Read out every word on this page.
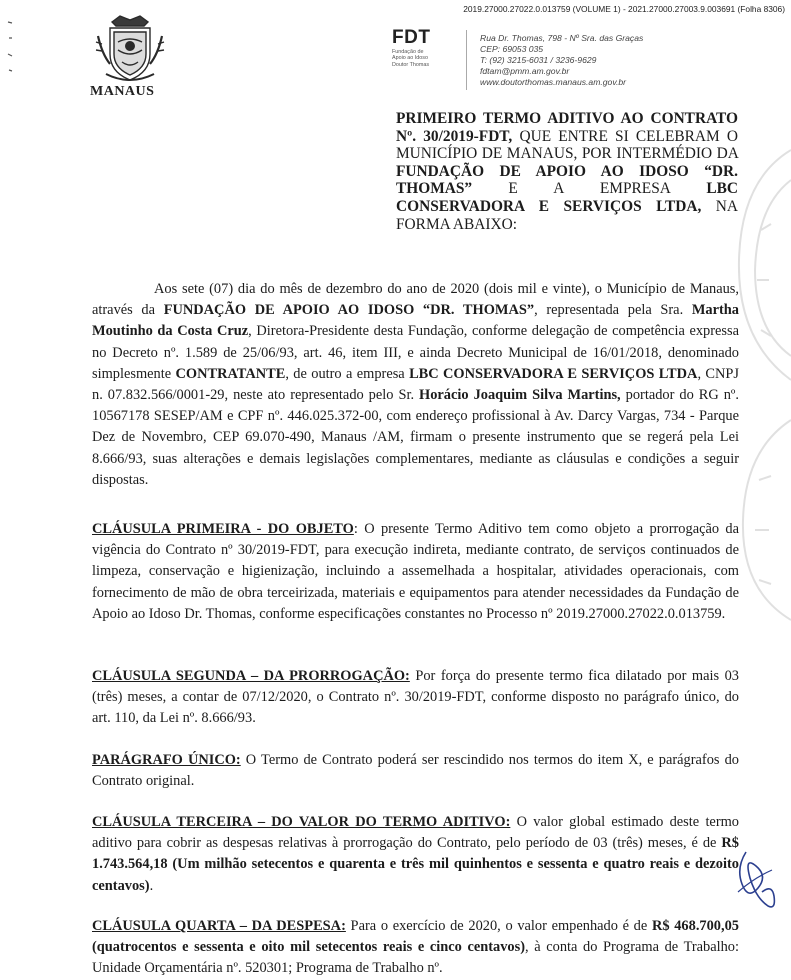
2019.27000.27022.0.013759 (VOLUME 1) - 2021.27000.27003.9.003691 (Folha 8306)
MANAUS
FDT
Fundação de
Apoio ao Idoso
Doutor Thomas
Rua Dr. Thomas, 798 - Nº Sra. das Graças
CEP: 69053 035
T: (92) 3215-6031 / 3236-9629
fdtam@pmm.am.gov.br
www.doutorthomas.manaus.am.gov.br
PRIMEIRO TERMO ADITIVO AO CONTRATO Nº. 30/2019-FDT, QUE ENTRE SI CELEBRAM O MUNICÍPIO DE MANAUS, POR INTERMÉDIO DA FUNDAÇÃO DE APOIO AO IDOSO “DR. THOMAS” E A EMPRESA LBC CONSERVADORA E SERVIÇOS LTDA, NA FORMA ABAIXO:

Aos sete (07) dia do mês de dezembro do ano de 2020 (dois mil e vinte), o Município de Manaus, através da FUNDAÇÃO DE APOIO AO IDOSO “DR. THOMAS”, representada pela Sra. Martha Moutinho da Costa Cruz, Diretora-Presidente desta Fundação, conforme delegação de competência expressa no Decreto nº. 1.589 de 25/06/93, art. 46, item III, e ainda Decreto Municipal de 16/01/2018, denominado simplesmente CONTRATANTE, de outro a empresa LBC CONSERVADORA E SERVIÇOS LTDA, CNPJ n. 07.832.566/0001-29, neste ato representado pelo Sr. Horácio Joaquim Silva Martins, portador do RG nº. 10567178 SESEP/AM e CPF nº. 446.025.372-00, com endereço profissional à Av. Darcy Vargas, 734 - Parque Dez de Novembro, CEP 69.070-490, Manaus /AM, firmam o presente instrumento que se regerá pela Lei 8.666/93, suas alterações e demais legislações complementares, mediante as cláusulas e condições a seguir dispostas.

CLÁUSULA PRIMEIRA - DO OBJETO: O presente Termo Aditivo tem como objeto a prorrogação da vigência do Contrato nº 30/2019-FDT, para execução indireta, mediante contrato, de serviços continuados de limpeza, conservação e higienização, incluindo a assemelhada a hospitalar, atividades operacionais, com fornecimento de mão de obra terceirizada, materiais e equipamentos para atender necessidades da Fundação de Apoio ao Idoso Dr. Thomas, conforme especificações constantes no Processo nº 2019.27000.27022.0.013759.

CLÁUSULA SEGUNDA – DA PRORROGAÇÃO: Por força do presente termo fica dilatado por mais 03 (três) meses, a contar de 07/12/2020, o Contrato nº. 30/2019-FDT, conforme disposto no parágrafo único, do art. 110, da Lei nº. 8.666/93.

PARÁGRAFO ÚNICO: O Termo de Contrato poderá ser rescindido nos termos do item X, e parágrafos do Contrato original.

CLÁUSULA TERCEIRA – DO VALOR DO TERMO ADITIVO: O valor global estimado deste termo aditivo para cobrir as despesas relativas à prorrogação do Contrato, pelo período de 03 (três) meses, é de R$ 1.743.564,18 (Um milhão setecentos e quarenta e três mil quinhentos e sessenta e quatro reais e dezoito centavos).

CLÁUSULA QUARTA – DA DESPESA: Para o exercício de 2020, o valor empenhado é de R$ 468.700,05 (quatrocentos e sessenta e oito mil setecentos reais e cinco centavos), à conta do Programa de Trabalho: Unidade Orçamentária nº. 520301; Programa de Trabalho nº.
